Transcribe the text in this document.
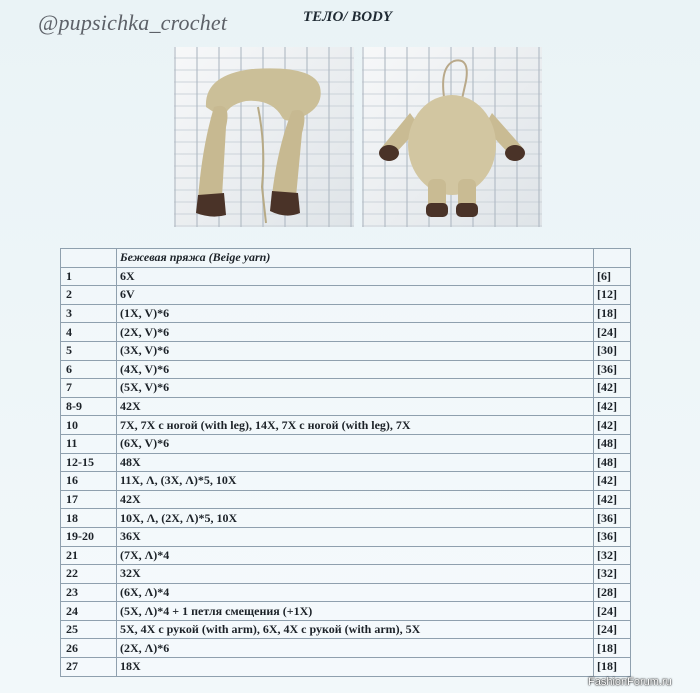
@pupsichka_crochet	ТЕЛО/ BODY
	Бежевая пряжа (Beige yarn)	
1	6X	[6]
2	6V	[12]
3	(1X, V)*6	[18]
4	(2X, V)*6	[24]
5	(3X, V)*6	[30]
6	(4X, V)*6	[36]
7	(5X, V)*6	[42]
8-9	42X	[42]
10	7X, 7X с ногой (with leg), 14X, 7X с ногой (with leg), 7X	[42]
11	(6X, V)*6	[48]
12-15	48X	[48]
16	11X, Λ, (3X, Λ)*5, 10X	[42]
17	42X	[42]
18	10X, Λ, (2X, Λ)*5, 10X	[36]
19-20	36X	[36]
21	(7X, Λ)*4	[32]
22	32X	[32]
23	(6X, Λ)*4	[28]
24	(5X, Λ)*4 + 1 петля смещения (+1X)	[24]
25	5X, 4X с рукой (with arm), 6X, 4X с рукой (with arm), 5X	[24]
26	(2X, Λ)*6	[18]
27	18X	[18]
FashionForum.ru
